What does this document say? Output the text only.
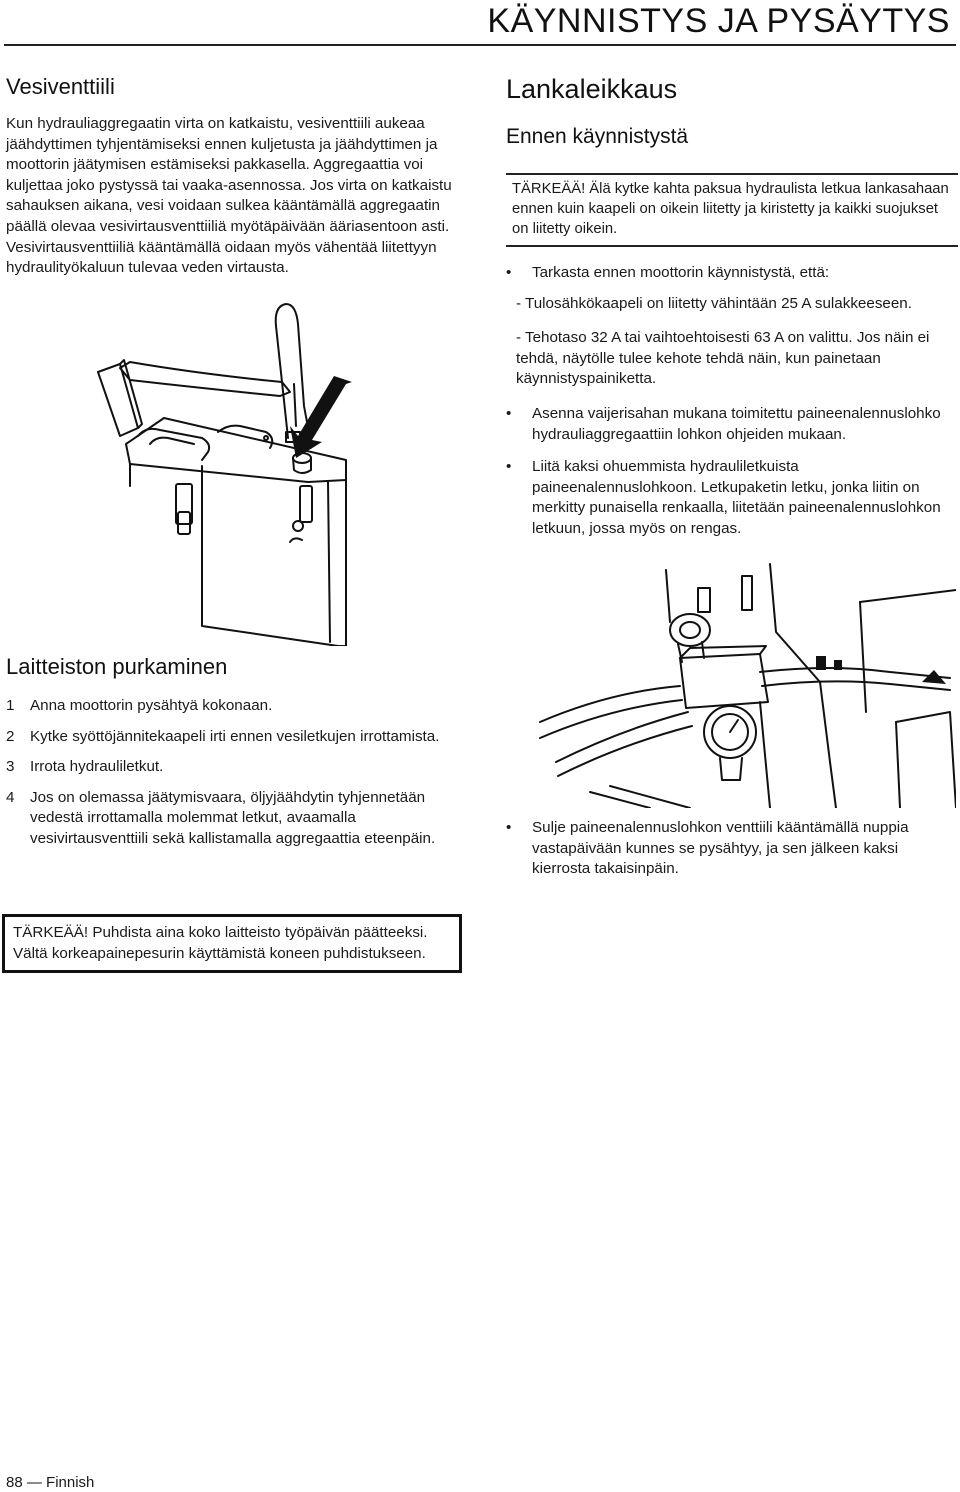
KÄYNNISTYS JA PYSÄYTYS
Vesiventtiili

Kun hydrauliaggregaatin virta on katkaistu, vesiventtiili aukeaa jäähdyttimen tyhjentämiseksi ennen kuljetusta ja jäähdyttimen ja moottorin jäätymisen estämiseksi pakkasella. Aggregaattia voi kuljettaa joko pystyssä tai vaaka-asennossa. Jos virta on katkaistu sahauksen aikana, vesi voidaan sulkea kääntämällä aggregaatin päällä olevaa vesivirtausventtiiliä myötäpäivään ääriasentoon asti. Vesivirtausventtiiliä kääntämällä oidaan myös vähentää liitettyyn hydraulityökaluun tulevaa veden virtausta.

Laitteiston purkaminen
1	Anna moottorin pysähtyä kokonaan.
2	Kytke syöttöjännitekaapeli irti ennen vesiletkujen irrottamista.
3	Irrota hydrauliletkut.
4	Jos on olemassa jäätymisvaara, öljyjäähdytin tyhjennetään vedestä irrottamalla molemmat letkut, avaamalla vesivirtausventtiili sekä kallistamalla aggregaattia eteenpäin.
TÄRKEÄÄ! Puhdista aina koko laitteisto työpäivän päätteeksi. Vältä korkeapainepesurin käyttämistä koneen puhdistukseen.
Lankaleikkaus
Ennen käynnistystä
TÄRKEÄÄ! Älä kytke kahta paksua hydraulista letkua lankasahaan ennen kuin kaapeli on oikein liitetty ja kiristetty ja kaikki suojukset on liitetty oikein.
•	Tarkasta ennen moottorin käynnistystä, että:
- Tulosähkökaapeli on liitetty vähintään 25 A sulakkeeseen.
- Tehotaso 32 A tai vaihtoehtoisesti 63 A on valittu. Jos näin ei tehdä, näytölle tulee kehote tehdä näin, kun painetaan käynnistyspainiketta.
•	Asenna vaijerisahan mukana toimitettu paineenalennuslohko hydrauliaggregaattiin lohkon ohjeiden mukaan.
•	Liitä kaksi ohuemmista hydrauliletkuista paineenalennuslohkoon. Letkupaketin letku, jonka liitin on merkitty punaisella renkaalla, liitetään paineenalennuslohkon letkuun, jossa myös on rengas.
•	Sulje paineenalennuslohkon venttiili kääntämällä nuppia vastapäivään kunnes se pysähtyy, ja sen jälkeen kaksi kierrosta takaisinpäin.
88 — Finnish
